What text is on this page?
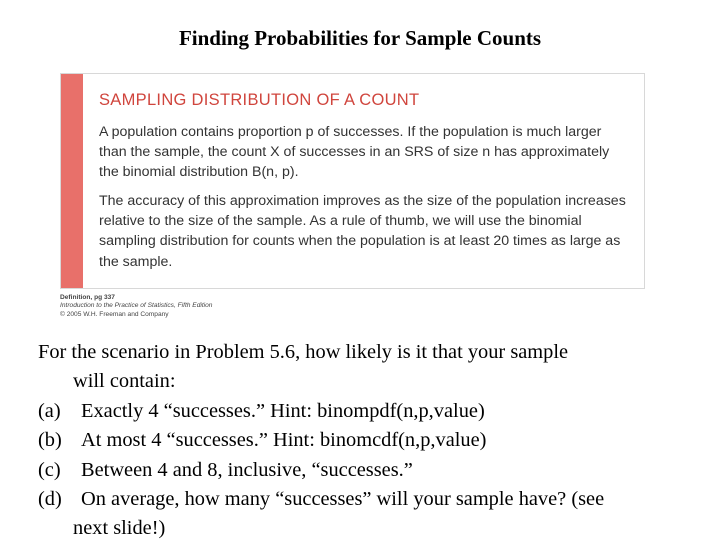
Finding Probabilities for Sample Counts
SAMPLING DISTRIBUTION OF A COUNT

A population contains proportion p of successes. If the population is much larger than the sample, the count X of successes in an SRS of size n has approximately the binomial distribution B(n, p).

The accuracy of this approximation improves as the size of the population increases relative to the size of the sample. As a rule of thumb, we will use the binomial sampling distribution for counts when the population is at least 20 times as large as the sample.

Definition, pg 337
Introduction to the Practice of Statistics, Fifth Edition
© 2005 W.H. Freeman and Company
For the scenario in Problem 5.6, how likely is it that your sample
will contain:
(a) Exactly 4 “successes.” Hint: binompdf(n,p,value)
(b) At most 4 “successes.” Hint: binomcdf(n,p,value)
(c) Between 4 and 8, inclusive, “successes.”
(d) On average, how many “successes” will your sample have? (see
next slide!)
